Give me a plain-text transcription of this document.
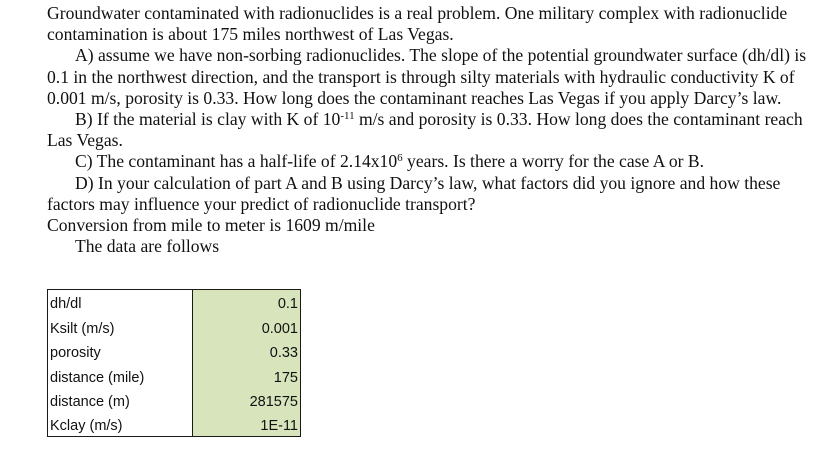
Groundwater contaminated with radionuclides is a real problem. One military complex with radionuclide contamination is about 175 miles northwest of Las Vegas.

A) assume we have non-sorbing radionuclides. The slope of the potential groundwater surface (dh/dl) is 0.1 in the northwest direction, and the transport is through silty materials with hydraulic conductivity K of 0.001 m/s, porosity is 0.33. How long does the contaminant reaches Las Vegas if you apply Darcy’s law.

B) If the material is clay with K of $10^{-11}$ m/s and porosity is 0.33. How long does the contaminant reach Las Vegas.

C) The contaminant has a half-life of $2.14x10^6$ years. Is there a worry for the case A or B.

D) In your calculation of part A and B using Darcy’s law, what factors did you ignore and how these factors may influence your predict of radionuclide transport?

Conversion from mile to meter is 1609 m/mile

The data are follows

dh/dl	0.1
Ksilt (m/s)	0.001
porosity	0.33
distance (mile)	175
distance (m)	281575
Kclay (m/s)	1E-11
